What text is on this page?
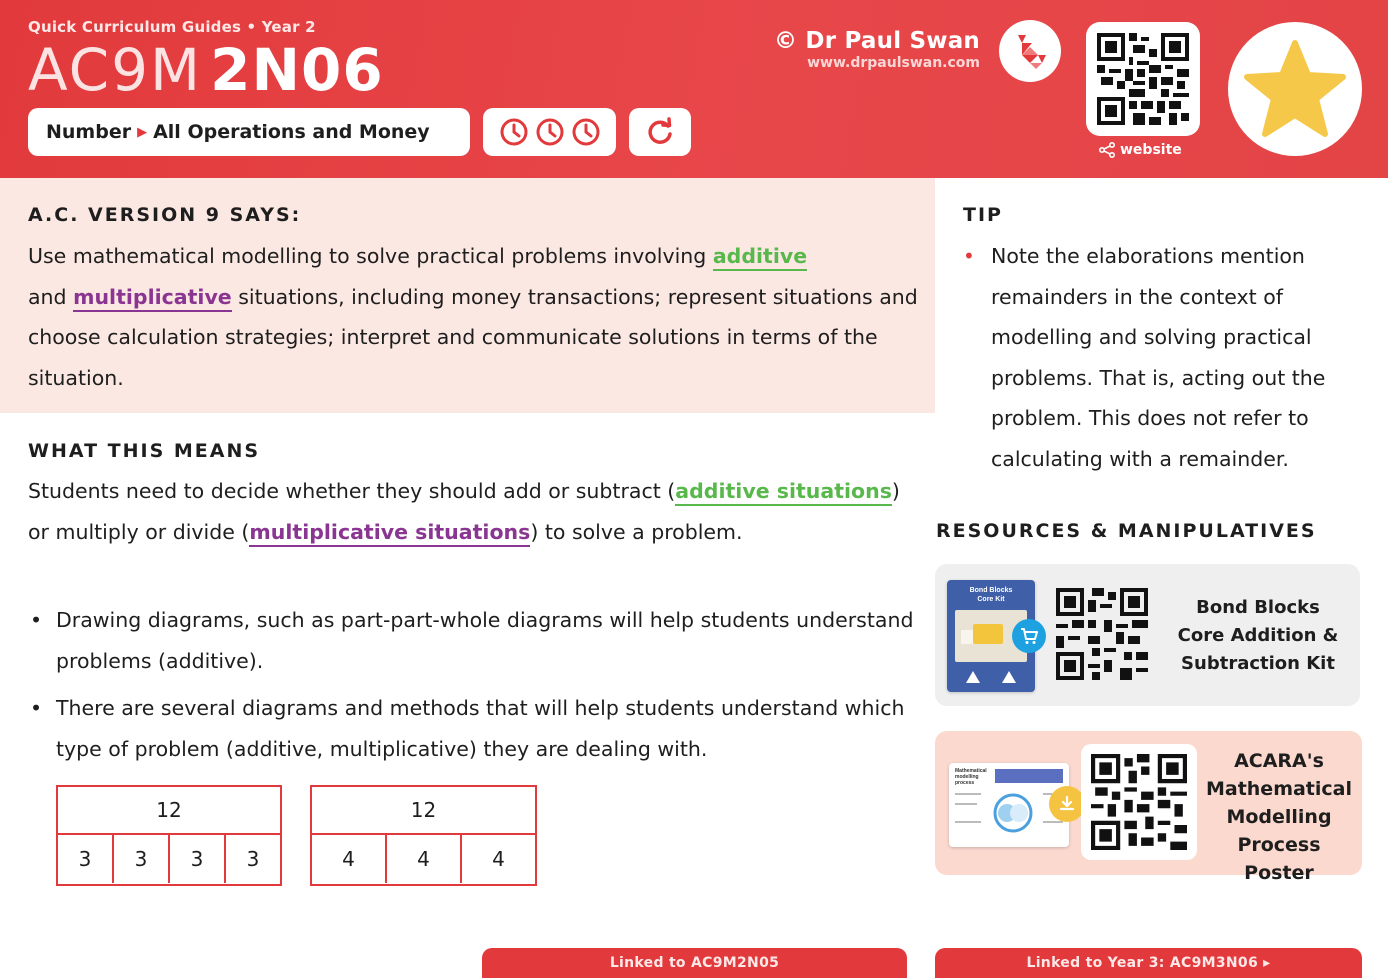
Quick Curriculum Guides • Year 2
AC9M 2N06
Number ▶ All Operations and Money
© Dr Paul Swan
www.drpaulswan.com
website
A.C. VERSION 9 SAYS:
Use mathematical modelling to solve practical problems involving additive
and multiplicative situations, including money transactions; represent situations and choose calculation strategies; interpret and communicate solutions in terms of the situation.
WHAT THIS MEANS
Students need to decide whether they should add or subtract (additive situations) or multiply or divide (multiplicative situations) to solve a problem.
• Drawing diagrams, such as part-part-whole diagrams will help students understand problems (additive).
• There are several diagrams and methods that will help students understand which type of problem (additive, multiplicative) they are dealing with.
12
3	3	3	3
12
4	4	4
TIP
• Note the elaborations mention remainders in the context of modelling and solving practical problems. That is, acting out the problem. This does not refer to calculating with a remainder.
RESOURCES & MANIPULATIVES
Bond Blocks
Core Kit	Bond Blocks
Core Addition &
Subtraction Kit
Mathematical modelling process
ACARA's
Mathematical
Modelling
Process Poster
Linked to AC9M2N05	Linked to Year 3: AC9M3N06 ▸
